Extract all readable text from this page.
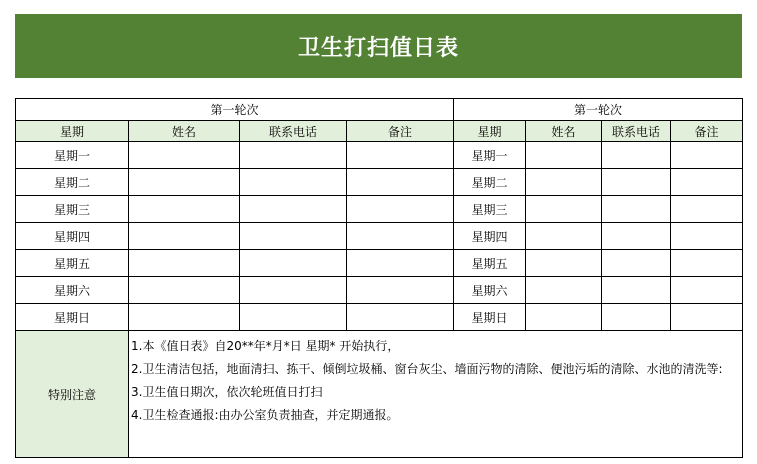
卫生打扫值日表
第一轮次				第一轮次			
星期	姓名	联系电话	备注	星期	姓名	联系电话	备注
星期一				星期一			
星期二				星期二			
星期三				星期三			
星期四				星期四			
星期五				星期五			
星期六				星期六			
星期日				星期日			
特别注意	1.本《值日表》自20**年*月*日 星期* 开始执行，
2.卫生清洁包括，地面清扫、拣干、倾倒垃圾桶、窗台灰尘、墙面污物的清除、便池污垢的清除、水池的清洗等:
3.卫生值日期次，依次轮班值日打扫
4.卫生检查通报:由办公室负责抽查，并定期通报。						
